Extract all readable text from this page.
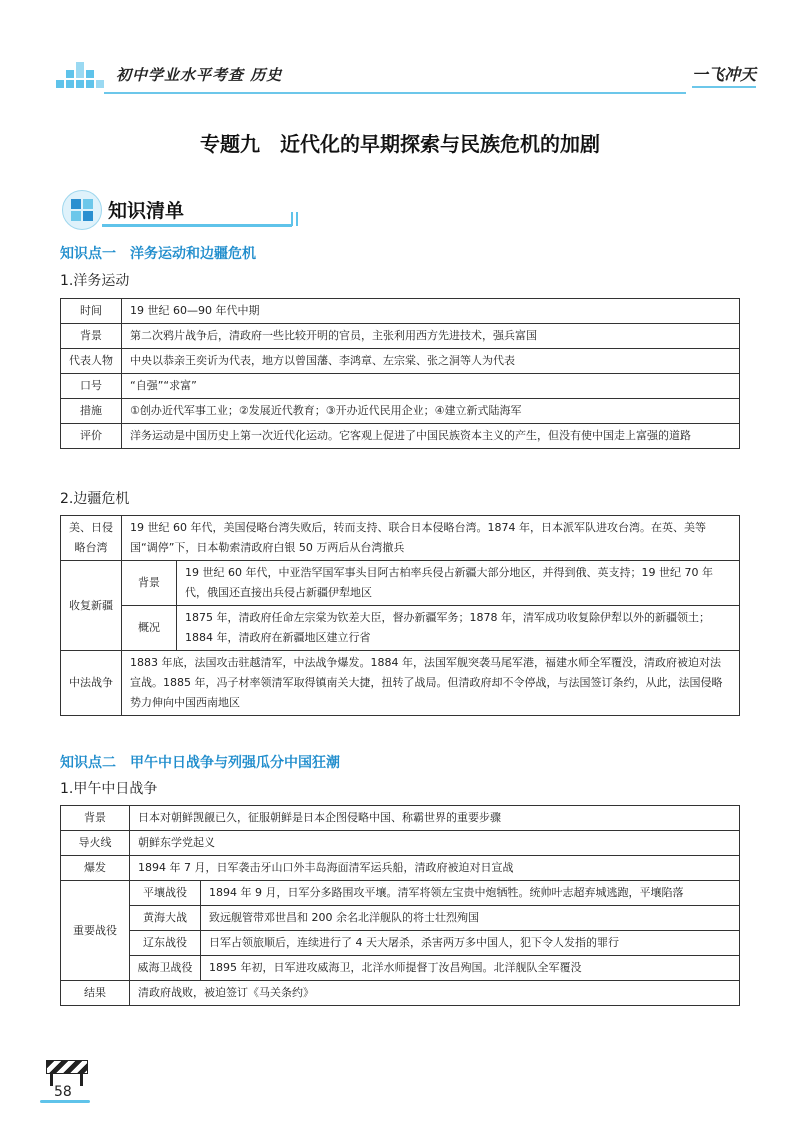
初中学业水平考查 历史	一飞冲天
专题九　近代化的早期探索与民族危机的加剧
知识清单
知识点一　洋务运动和边疆危机
1.洋务运动
时间	19 世纪 60—90 年代中期
背景	第二次鸦片战争后，清政府一些比较开明的官员，主张利用西方先进技术，强兵富国
代表人物	中央以恭亲王奕䜣为代表，地方以曾国藩、李鸿章、左宗棠、张之洞等人为代表
口号	“自强”“求富”
措施	①创办近代军事工业；②发展近代教育；③开办近代民用企业；④建立新式陆海军
评价	洋务运动是中国历史上第一次近代化运动。它客观上促进了中国民族资本主义的产生，但没有使中国走上富强的道路
2.边疆危机
美、日侵略台湾	19 世纪 60 年代，美国侵略台湾失败后，转而支持、联合日本侵略台湾。1874 年，日本派军队进攻台湾。在英、美等国“调停”下，日本勒索清政府白银 50 万两后从台湾撤兵	
收复新疆	背景	19 世纪 60 年代，中亚浩罕国军事头目阿古柏率兵侵占新疆大部分地区，并得到俄、英支持；19 世纪 70 年代，俄国还直接出兵侵占新疆伊犁地区
	概况	1875 年，清政府任命左宗棠为钦差大臣，督办新疆军务；1878 年，清军成功收复除伊犁以外的新疆领土；1884 年，清政府在新疆地区建立行省
中法战争	1883 年底，法国攻击驻越清军，中法战争爆发。1884 年，法国军舰突袭马尾军港，福建水师全军覆没，清政府被迫对法宣战。1885 年，冯子材率领清军取得镇南关大捷，扭转了战局。但清政府却不令停战，与法国签订条约，从此，法国侵略势力伸向中国西南地区	
知识点二　甲午中日战争与列强瓜分中国狂潮
1.甲午中日战争
背景	日本对朝鲜觊觎已久，征服朝鲜是日本企图侵略中国、称霸世界的重要步骤	
导火线	朝鲜东学党起义	
爆发	1894 年 7 月，日军袭击牙山口外丰岛海面清军运兵船，清政府被迫对日宣战	
重要战役	平壤战役	1894 年 9 月，日军分多路围攻平壤。清军将领左宝贵中炮牺牲。统帅叶志超弃城逃跑，平壤陷落
	黄海大战	致远舰管带邓世昌和 200 余名北洋舰队的将士壮烈殉国
	辽东战役	日军占领旅顺后，连续进行了 4 天大屠杀，杀害两万多中国人，犯下令人发指的罪行
	威海卫战役	1895 年初，日军进攻威海卫，北洋水师提督丁汝昌殉国。北洋舰队全军覆没
结果	清政府战败，被迫签订《马关条约》	
58
